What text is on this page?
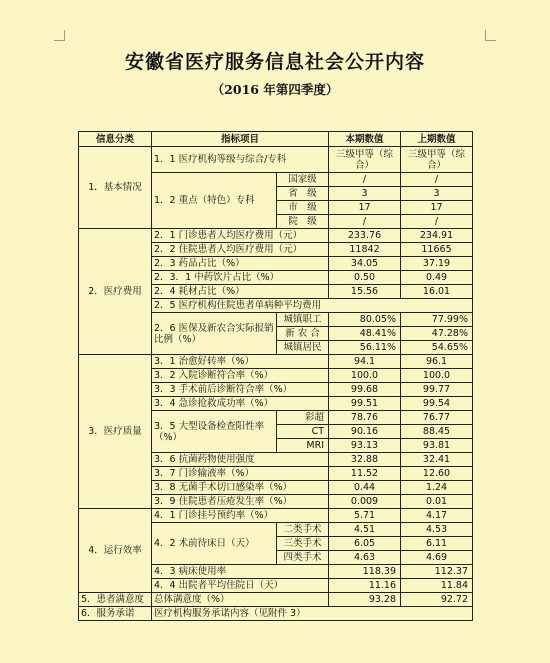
安徽省医疗服务信息社会公开内容
（2016 年第四季度）
信息分类	指标项目		本期数值	上期数值
1．基本情况	1．1 医疗机构等级与综合/专科		三级甲等（综合）	三级甲等（综合）
	1．2 重点（特色）专科	国家级	/	/
		省　级	3	3
		市　级	17	17
		院　级	/	/
2．医疗费用	2．1 门诊患者人均医疗费用（元）		233.76	234.91
	2．2 住院患者人均医疗费用（元）		11842	11665
	2．3 药品占比（%）		34.05	37.19
	2．3．1 中药饮片占比（%）		0.50	0.49
	2．4 耗材占比（%）		15.56	16.01
	2．5 医疗机构住院患者单病种平均费用			
	2．6 医保及新农合实际报销比例（%）	城镇职工	80.05%	77.99%
		新 农 合	48.41%	47.28%
		城镇居民	56.11%	54.65%
3．医疗质量	3．1 治愈好转率（%）		94.1	96.1
	3．2 入院诊断符合率（%）		100.0	100.0
	3．3 手术前后诊断符合率（%）		99.68	99.77
	3．4 急诊抢救成功率（%）		99.51	99.54
	3．5 大型设备检查阳性率（%）	彩超	78.76	76.77
		CT	90.16	88.45
		MRI	93.13	93.81
	3．6 抗菌药物使用强度		32.88	32.41
	3．7 门诊输液率（%）		11.52	12.60
	3．8 无菌手术切口感染率（%）		0.44	1.24
	3．9 住院患者压疮发生率（%）		0.009	0.01
4．运行效率	4．1 门诊挂号预约率（%）		5.71	4.17
	4．2 术前待床日（天）	二类手术	4.51	4.53
		三类手术	6.05	6.11
		四类手术	4.63	4.69
	4．3 病床使用率		118.39	112.37
	4．4 出院者平均住院日（天）		11.16	11.84
5．患者满意度	总体满意度（%）		93.28	92.72
6．服务承诺	医疗机构服务承诺内容（见附件 3）			
